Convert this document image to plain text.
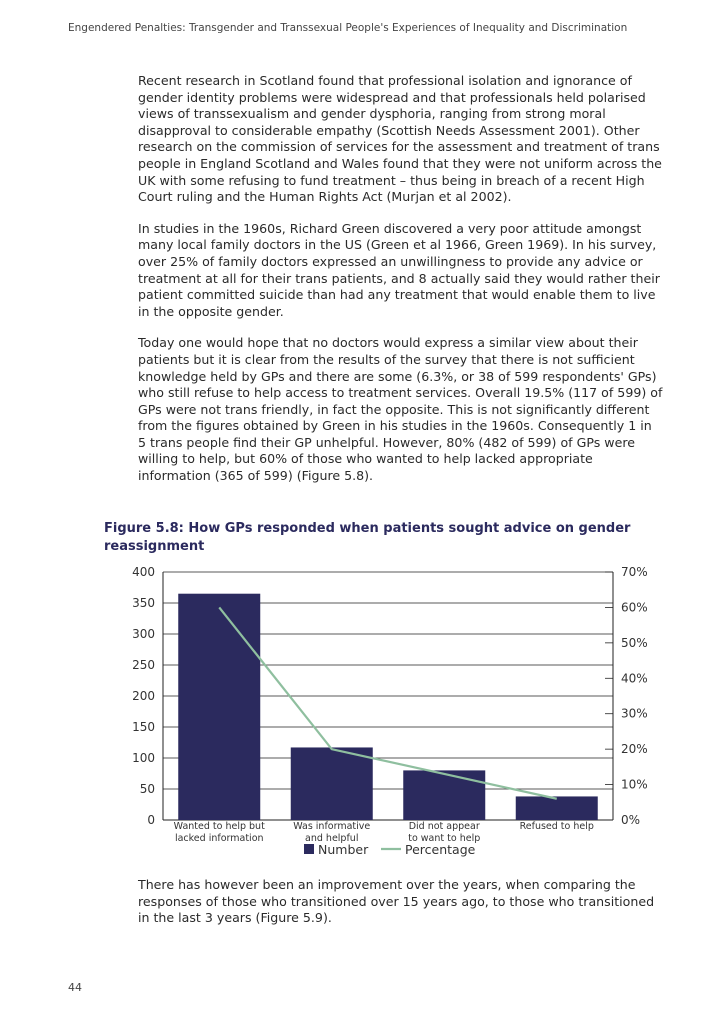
Engendered Penalties: Transgender and Transsexual People's Experiences of Inequality and Discrimination

Recent research in Scotland found that professional isolation and ignorance of gender identity problems were widespread and that professionals held polarised views of transsexualism and gender dysphoria, ranging from strong moral disapproval to considerable empathy (Scottish Needs Assessment 2001). Other research on the commission of services for the assessment and treatment of trans people in England Scotland and Wales found that they were not uniform across the UK with some refusing to fund treatment – thus being in breach of a recent High Court ruling and the Human Rights Act (Murjan et al 2002).

In studies in the 1960s, Richard Green discovered a very poor attitude amongst many local family doctors in the US (Green et al 1966, Green 1969). In his survey, over 25% of family doctors expressed an unwillingness to provide any advice or treatment at all for their trans patients, and 8 actually said they would rather their patient committed suicide than had any treatment that would enable them to live in the opposite gender.

Today one would hope that no doctors would express a similar view about their patients but it is clear from the results of the survey that there is not sufficient knowledge held by GPs and there are some (6.3%, or 38 of 599 respondents' GPs) who still refuse to help access to treatment services. Overall 19.5% (117 of 599) of GPs were not trans friendly, in fact the opposite. This is not significantly different from the figures obtained by Green in his studies in the 1960s. Consequently 1 in 5 trans people find their GP unhelpful. However, 80% (482 of 599) of GPs were willing to help, but 60% of those who wanted to help lacked appropriate information (365 of 599) (Figure 5.8).

Figure 5.8: How GPs responded when patients sought advice on gender reassignment
0
50
100
150
200
250
300
350
400
0%
10%
20%
30%
40%
50%
60%
70%
Wanted to help but
lacked information
Was informative
and helpful
Did not appear
to want to help
Refused to help
Number	Percentage

There has however been an improvement over the years, when comparing the responses of those who transitioned over 15 years ago, to those who transitioned in the last 3 years (Figure 5.9).

44
